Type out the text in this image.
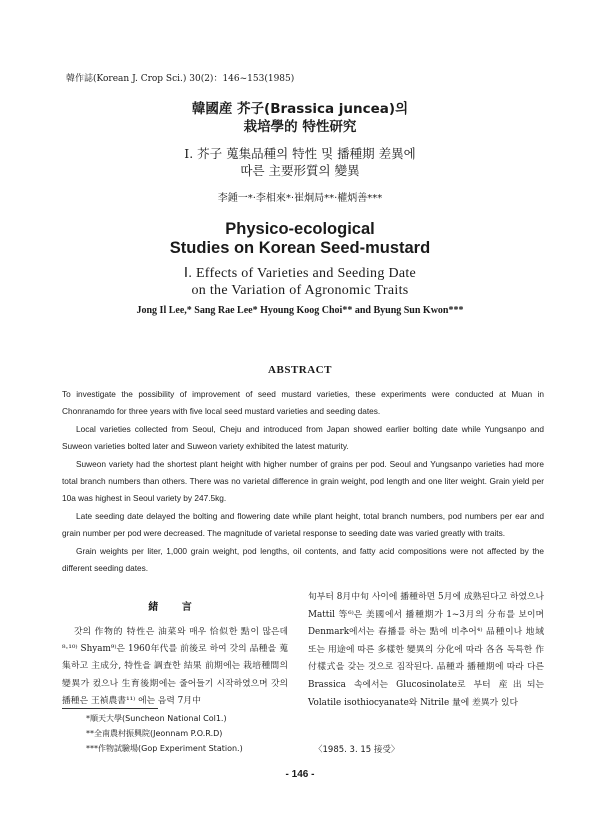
韓作誌(Korean J. Crop Sci.) 30(2)：146~153(1985)
韓國産 芥子(Brassica juncea)의
栽培學的 特性研究
Ⅰ. 芥子 蒐集品種의 特性 및 播種期 差異에
따른 主要形質의 變異
李鍾一*·李相來*·崔炯局**·權炳善***
Physico-ecological
Studies on Korean Seed-mustard
Ⅰ. Effects of Varieties and Seeding Date
on the Variation of Agronomic Traits
Jong Il Lee,* Sang Rae Lee* Hyoung Koog Choi** and Byung Sun Kwon***
ABSTRACT

To investigate the possibility of improvement of seed mustard varieties, these experiments were conducted at Muan in Chonranamdo for three years with five local seed mustard varieties and seeding dates.

Local varieties collected from Seoul, Cheju and introduced from Japan showed earlier bolting date while Yungsanpo and Suweon varieties bolted later and Suweon variety exhibited the latest maturity.

Suweon variety had the shortest plant height with higher number of grains per pod. Seoul and Yungsanpo varieties had more total branch numbers than others. There was no varietal difference in grain weight, pod length and one liter weight. Grain yield per 10a was highest in Seoul variety by 247.5kg.

Late seeding date delayed the bolting and flowering date while plant height, total branch numbers, pod numbers per ear and grain number per pod were decreased. The magnitude of varietal response to seeding date was varied greatly with traits.

Grain weights per liter, 1,000 grain weight, pod lengths, oil contents, and fatty acid compositions were not affected by the different seeding dates.

緒 言

갓의 作物的 特性은 油菜와 매우 恰似한 點이 많은데⁸·¹⁰⁾ Shyam⁹⁾은 1960年代를 前後로 하여 갓의 品種을 蒐集하고 主成分, 特性을 調査한 結果 前期에는 栽培種間의 變異가 컸으나 生育後期에는 줄어들기 시작하였으며 갓의 播種은 王禎農書¹¹⁾ 에는 음력 7月中

旬부터 8月中旬 사이에 播種하면 5月에 成熟된다고 하였으나 Mattil 等⁶⁾은 美國에서 播種期가 1~3月의 分布를 보이며 Denmark에서는 春播를 하는 點에 비추어⁴⁾ 品種이나 地域 또는 用途에 따른 多樣한 變異의 分化에 따라 各各 독특한 作付樣式을 갖는 것으로 짐작된다. 品種과 播種期에 따라 다른 Brassica 속에서는 Glucosinolate로 부터 産出되는 Volatile isothiocyanate와 Nitrile 量에 差異가 있다

*順天大學(Suncheon National Col1.)
**全南農村振興院(Jeonnam P.O.R.D)
***作物試驗場(Gop Experiment Station.)	〈1985. 3. 15 接受〉
- 146 -
